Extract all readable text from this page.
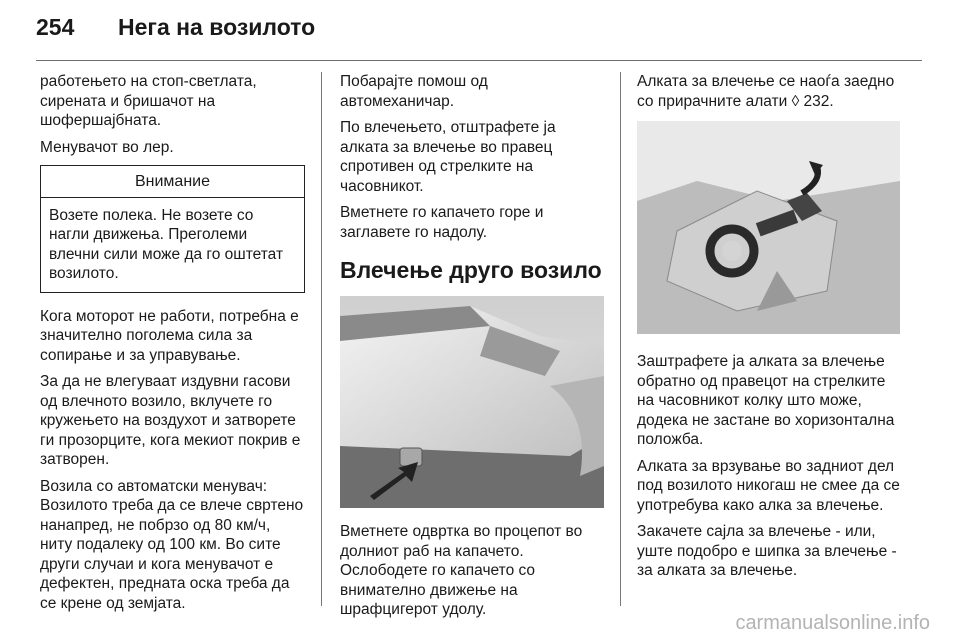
254 Нега на возилото

работењето на стоп-светлата, сирената и бришачот на шофершајбната.

Менувачот во лер.

Внимание
Возете полека. Не возете со нагли движења. Преголеми влечни сили може да го оштетат возилото.

Кога моторот не работи, потребна е значително поголема сила за сопирање и за управување.

За да не влегуваат издувни гасови од влечното возило, вклучете го кружењето на воздухот и затворете ги прозорците, кога мекиот покрив е затворен.

Возила со автоматски менувач: Возилото треба да се влече свртено нанапред, не побрзо од 80 км/ч, ниту подалеку од 100 км. Во сите други случаи и кога менувачот е дефектен, предната оска треба да се крене од земјата.

Побарајте помош од автомеханичар.

По влечењето, отштрафете ја алката за влечење во правец спротивен од стрелките на часовникот.

Вметнете го капачето горе и заглавете го надолу.

Влечење друго возило

Вметнете одвртка во процепот во долниот раб на капачето. Ослободете го капачето со внимателно движење на шрафцигерот удолу.

Алката за влечење се наоѓа заедно со прирачните алати ◊ 232.

Заштрафете ја алката за влечење обратно од правецот на стрелките на часовникот колку што може, додека не застане во хоризонтална положба.

Алката за врзување во задниот дел под возилото никогаш не смее да се употребува како алка за влечење.

Закачете сајла за влечење - или, уште подобро е шипка за влечење - за алката за влечење.

carmanualsonline.info
